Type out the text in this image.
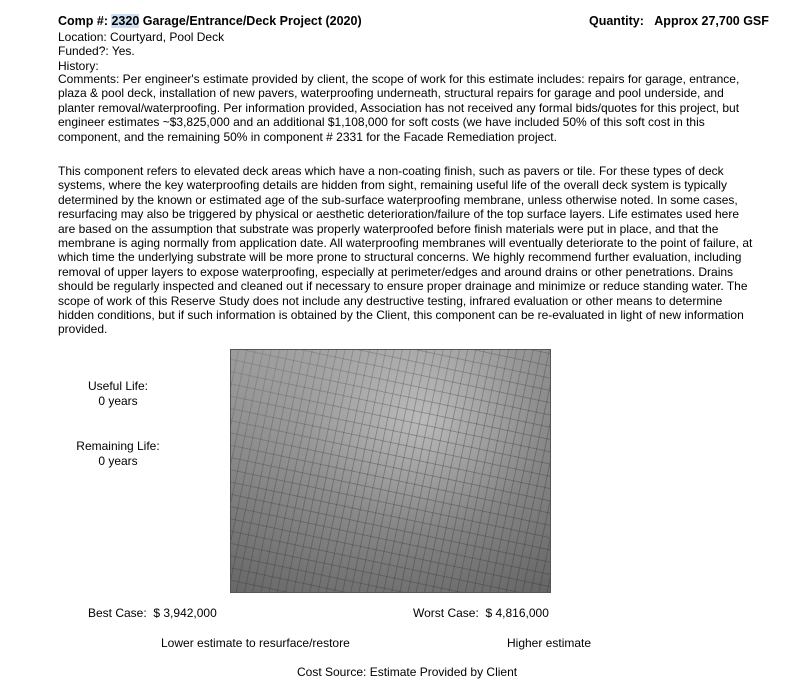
Comp #: 2320 Garage/Entrance/Deck Project (2020)	Quantity: Approx 27,700 GSF
Location: Courtyard, Pool Deck
Funded?: Yes.
History:
Comments: Per engineer's estimate provided by client, the scope of work for this estimate includes: repairs for garage, entrance, plaza & pool deck, installation of new pavers, waterproofing underneath, structural repairs for garage and pool underside, and planter removal/waterproofing. Per information provided, Association has not received any formal bids/quotes for this project, but engineer estimates ~$3,825,000 and an additional $1,108,000 for soft costs (we have included 50% of this soft cost in this component, and the remaining 50% in component # 2331 for the Facade Remediation project.
This component refers to elevated deck areas which have a non-coating finish, such as pavers or tile. For these types of deck systems, where the key waterproofing details are hidden from sight, remaining useful life of the overall deck system is typically determined by the known or estimated age of the sub-surface waterproofing membrane, unless otherwise noted. In some cases, resurfacing may also be triggered by physical or aesthetic deterioration/failure of the top surface layers. Life estimates used here are based on the assumption that substrate was properly waterproofed before finish materials were put in place, and that the membrane is aging normally from application date. All waterproofing membranes will eventually deteriorate to the point of failure, at which time the underlying substrate will be more prone to structural concerns. We highly recommend further evaluation, including removal of upper layers to expose waterproofing, especially at perimeter/edges and around drains or other penetrations. Drains should be regularly inspected and cleaned out if necessary to ensure proper drainage and minimize or reduce standing water. The scope of work of this Reserve Study does not include any destructive testing, infrared evaluation or other means to determine hidden conditions, but if such information is obtained by the Client, this component can be re-evaluated in light of new information provided.
Useful Life:
0 years
Remaining Life:
0 years
Best Case: $ 3,942,000	Worst Case: $ 4,816,000
Lower estimate to resurface/restore	Higher estimate
Cost Source: Estimate Provided by Client
